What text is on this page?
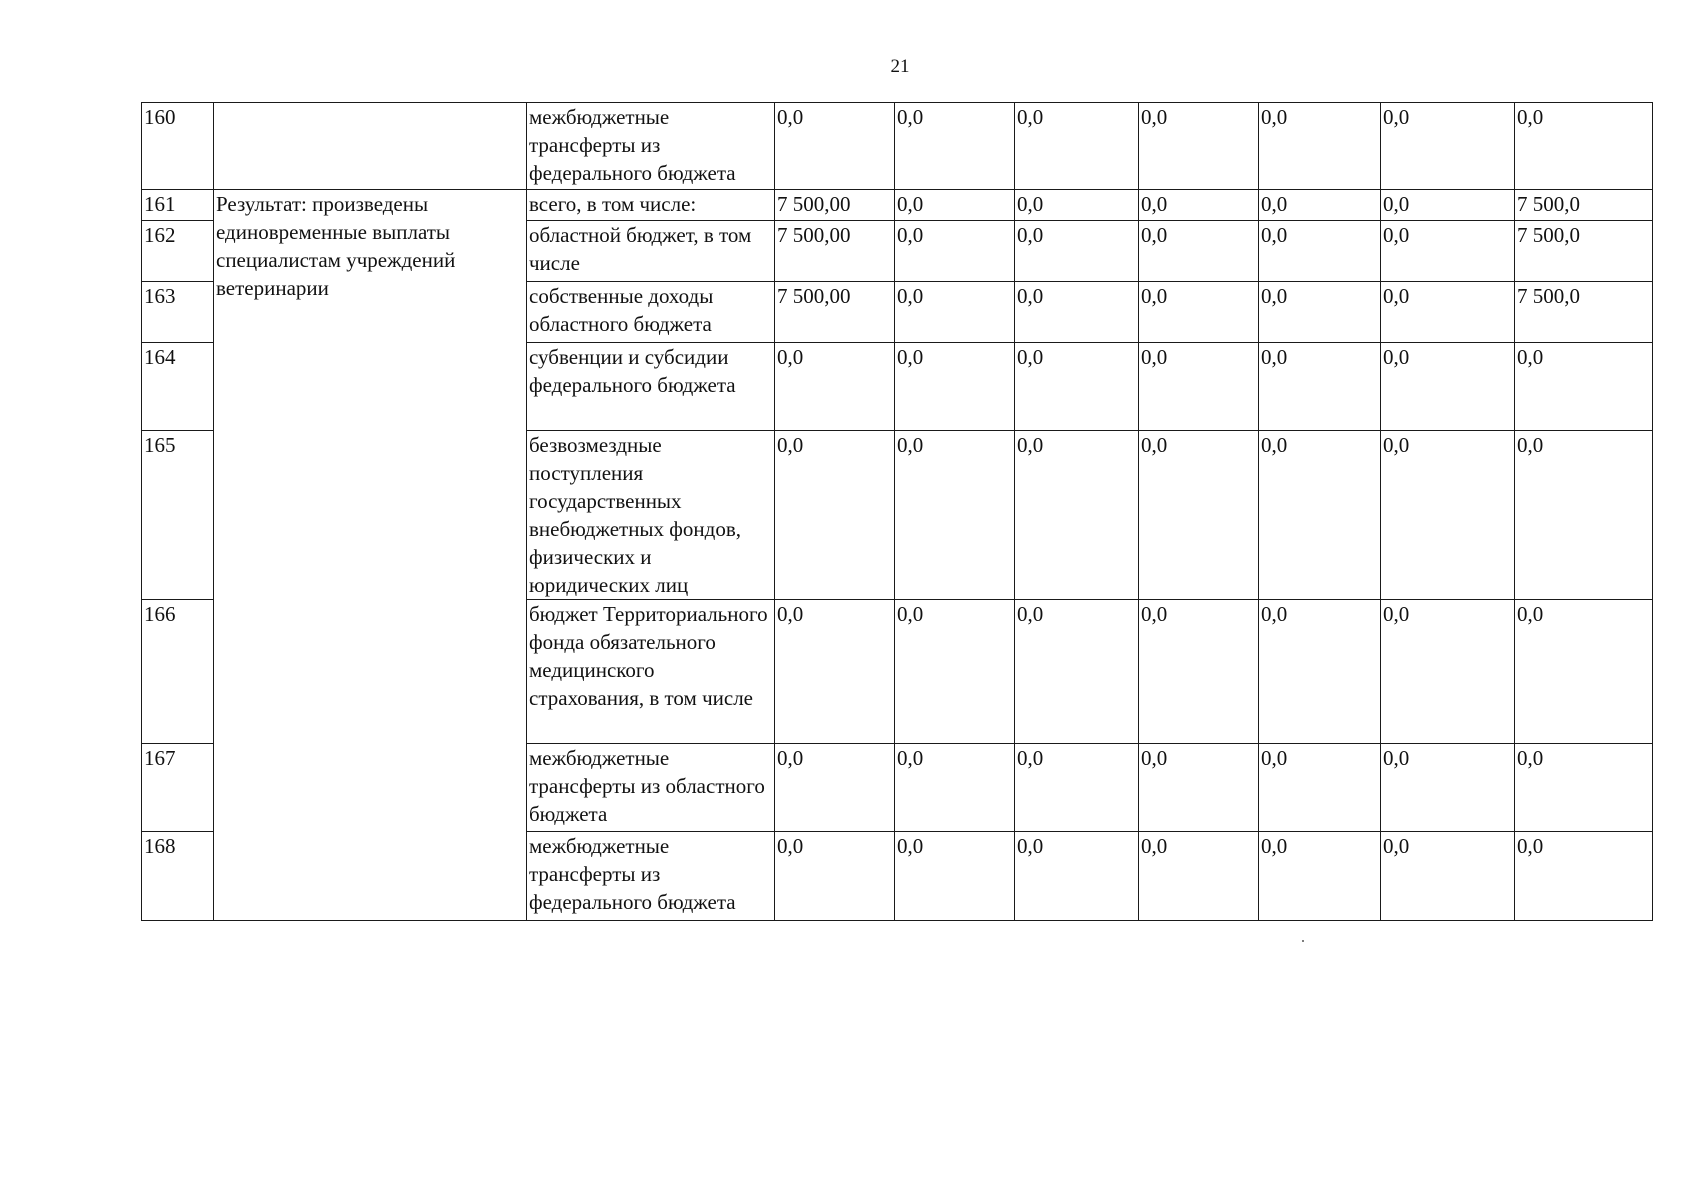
21
160		межбюджетные трансферты из федерального бюджета	0,0	0,0	0,0	0,0	0,0	0,0	0,0
161	Результат: произведены единовременные выплаты специалистам учреждений ветеринарии	всего, в том числе:	7 500,00	0,0	0,0	0,0	0,0	0,0	7 500,0
162		областной бюджет, в том числе	7 500,00	0,0	0,0	0,0	0,0	0,0	7 500,0
163		собственные доходы областного бюджета	7 500,00	0,0	0,0	0,0	0,0	0,0	7 500,0
164		субвенции и субсидии федерального бюджета	0,0	0,0	0,0	0,0	0,0	0,0	0,0
165		безвозмездные поступления государственных внебюджетных фондов, физических и юридических лиц	0,0	0,0	0,0	0,0	0,0	0,0	0,0
166		бюджет Территориального фонда обязательного медицинского страхования, в том числе	0,0	0,0	0,0	0,0	0,0	0,0	0,0
167		межбюджетные трансферты из областного бюджета	0,0	0,0	0,0	0,0	0,0	0,0	0,0
168		межбюджетные трансферты из федерального бюджета	0,0	0,0	0,0	0,0	0,0	0,0	0,0
